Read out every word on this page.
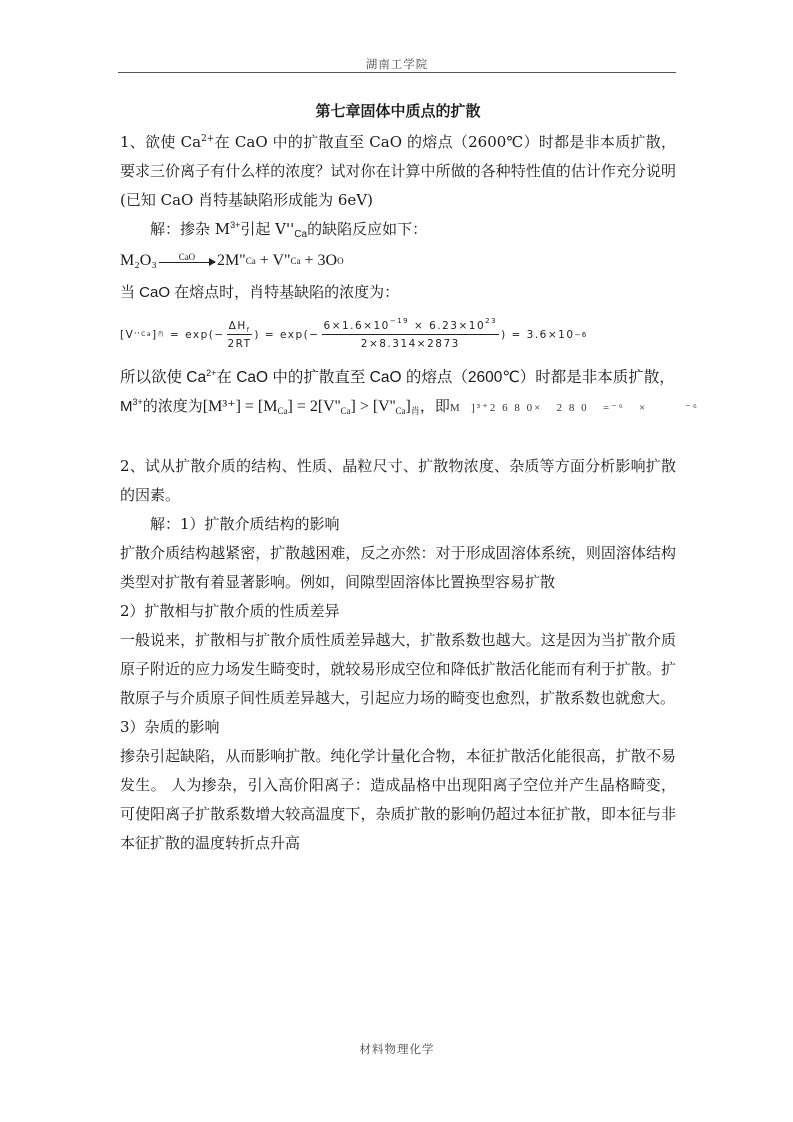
湖南工学院
第七章固体中质点的扩散

1、欲使 $Ca^{2+}$在 CaO 中的扩散直至 CaO 的熔点（2600℃）时都是非本质扩散，要求三价离子有什么样的浓度？试对你在计算中所做的各种特性值的估计作充分说明(已知 CaO 肖特基缺陷形成能为 6eV)

解：掺杂 $M^{3+}$引起 $V''_{Ca}$的缺陷反应如下：

M₂O₃ CaO 2M " Ca + V " Ca + 3O O

当 CaO 在熔点时，肖特基缺陷的浓度为：

[V '' Ca ] 肖 = $\exp(- \frac{\Delta H_f}{2RT}$ ) = $\exp(- \frac{6\times 1.6\times 10^{-19} \times 6.23\times 10^{23}}{2\times 8.314\times 2873}$ ) = 3.6×10 −6

所以欲使 $Ca^{2+}$在 CaO 中的扩散直至 CaO 的熔点（2600℃）时都是非本质扩散，

$M^{3+}$的浓度为$[M^{3+}] = [M_{Ca}] = 2[V''_{Ca}] > [V''_{Ca}]_肖$，即M  ]³⁺2 6 8 0×   2 8 0   =⁻⁶   ×        ⁻⁶

2、试从扩散介质的结构、性质、晶粒尺寸、扩散物浓度、杂质等方面分析影响扩散的因素。

解：1）扩散介质结构的影响

扩散介质结构越紧密，扩散越困难，反之亦然：对于形成固溶体系统，则固溶体结构类型对扩散有着显著影响。例如，间隙型固溶体比置换型容易扩散

2）扩散相与扩散介质的性质差异

一般说来，扩散相与扩散介质性质差异越大，扩散系数也越大。这是因为当扩散介质原子附近的应力场发生畸变时，就较易形成空位和降低扩散活化能而有利于扩散。扩散原子与介质原子间性质差异越大，引起应力场的畸变也愈烈，扩散系数也就愈大。

3）杂质的影响

掺杂引起缺陷，从而影响扩散。纯化学计量化合物，本征扩散活化能很高，扩散不易发生。 人为掺杂，引入高价阳离子：造成晶格中出现阳离子空位并产生晶格畸变，可使阳离子扩散系数增大较高温度下，杂质扩散的影响仍超过本征扩散，即本征与非本征扩散的温度转折点升高

材料物理化学
